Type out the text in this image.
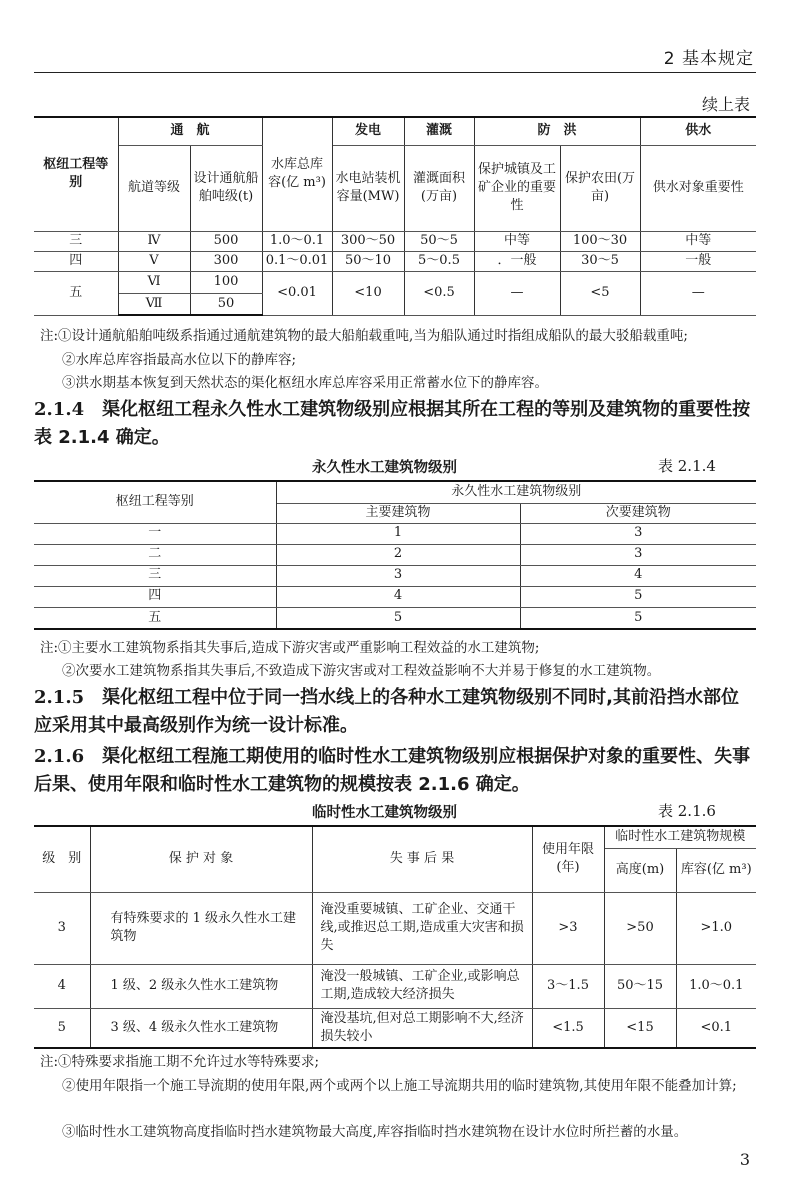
2 基本规定
续上表
枢纽工程等别	通　航		水库总库容(亿 m³)	发电	灌溉	防　洪		供水
	航道等级	设计通航船舶吨级(t)		水电站装机容量(MW)	灌溉面积(万亩)	保护城镇及工矿企业的重要性	保护农田(万亩)	供水对象重要性
三	Ⅳ	500	1.0～0.1	300～50	50～5	中等	100～30	中等
四	Ⅴ	300	0.1～0.01	50～10	5～0.5	．一般	30～5	一般
五	Ⅵ	100	<0.01	<10	<0.5	—	<5	—
	Ⅶ	50						
注:①设计通航船舶吨级系指通过通航建筑物的最大船舶载重吨,当为船队通过时指组成船队的最大驳船载重吨;
②水库总库容指最高水位以下的静库容;
③洪水期基本恢复到天然状态的渠化枢纽水库总库容采用正常蓄水位下的静库容。
2.1.4　渠化枢纽工程永久性水工建筑物级别应根据其所在工程的等别及建筑物的重要性按表 2.1.4 确定。
永久性水工建筑物级别	表 2.1.4
枢纽工程等别	永久性水工建筑物级别	
	主要建筑物	次要建筑物
一	1	3
二	2	3
三	3	4
四	4	5
五	5	5
注:①主要水工建筑物系指其失事后,造成下游灾害或严重影响工程效益的水工建筑物;
②次要水工建筑物系指其失事后,不致造成下游灾害或对工程效益影响不大并易于修复的水工建筑物。
2.1.5　渠化枢纽工程中位于同一挡水线上的各种水工建筑物级别不同时,其前沿挡水部位应采用其中最高级别作为统一设计标准。
2.1.6　渠化枢纽工程施工期使用的临时性水工建筑物级别应根据保护对象的重要性、失事后果、使用年限和临时性水工建筑物的规模按表 2.1.6 确定。
临时性水工建筑物级别	表 2.1.6
级　别	保 护 对 象	失 事 后 果	使用年限(年)	临时性水工建筑物规模	
				高度(m)	库容(亿 m³)
3	有特殊要求的 1 级永久性水工建筑物	淹没重要城镇、工矿企业、交通干线,或推迟总工期,造成重大灾害和损失	>3	>50	>1.0
4	1 级、2 级永久性水工建筑物	淹没一般城镇、工矿企业,或影响总工期,造成较大经济损失	3～1.5	50～15	1.0～0.1
5	3 级、4 级永久性水工建筑物	淹没基坑,但对总工期影响不大,经济损失较小	<1.5	<15	<0.1
注:①特殊要求指施工期不允许过水等特殊要求;
②使用年限指一个施工导流期的使用年限,两个或两个以上施工导流期共用的临时建筑物,其使用年限不能叠加计算;
③临时性水工建筑物高度指临时挡水建筑物最大高度,库容指临时挡水建筑物在设计水位时所拦蓄的水量。
3
